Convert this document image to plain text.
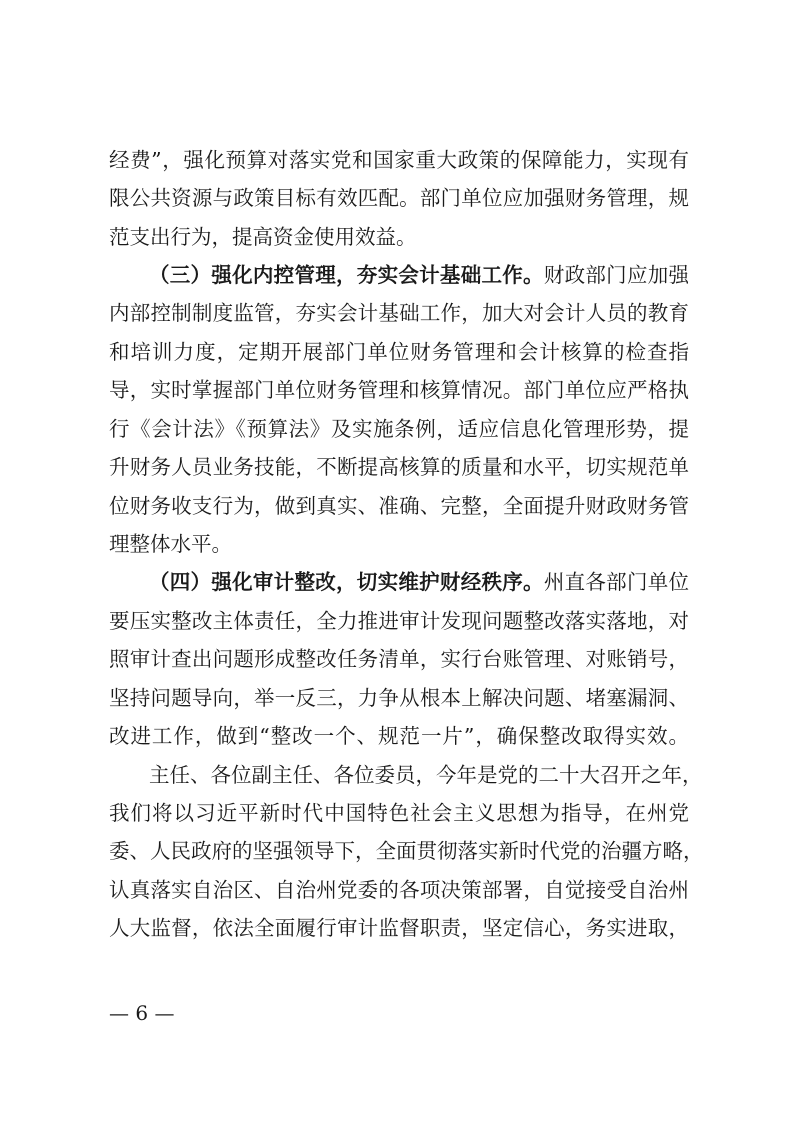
经费”，强化预算对落实党和国家重大政策的保障能力，实现有
限公共资源与政策目标有效匹配。部门单位应加强财务管理，规
范支出行为，提高资金使用效益。
（三）强化内控管理，夯实会计基础工作。财政部门应加强
内部控制制度监管，夯实会计基础工作，加大对会计人员的教育
和培训力度，定期开展部门单位财务管理和会计核算的检查指
导，实时掌握部门单位财务管理和核算情况。部门单位应严格执
行《会计法》《预算法》及实施条例，适应信息化管理形势，提
升财务人员业务技能，不断提高核算的质量和水平，切实规范单
位财务收支行为，做到真实、准确、完整，全面提升财政财务管
理整体水平。
（四）强化审计整改，切实维护财经秩序。州直各部门单位
要压实整改主体责任，全力推进审计发现问题整改落实落地，对
照审计查出问题形成整改任务清单，实行台账管理、对账销号，
坚持问题导向，举一反三，力争从根本上解决问题、堵塞漏洞、
改进工作，做到“整改一个、规范一片”，确保整改取得实效。
主任、各位副主任、各位委员，今年是党的二十大召开之年，
我们将以习近平新时代中国特色社会主义思想为指导，在州党
委、人民政府的坚强领导下，全面贯彻落实新时代党的治疆方略，
认真落实自治区、自治州党委的各项决策部署，自觉接受自治州
人大监督，依法全面履行审计监督职责，坚定信心，务实进取，
— 6 —
